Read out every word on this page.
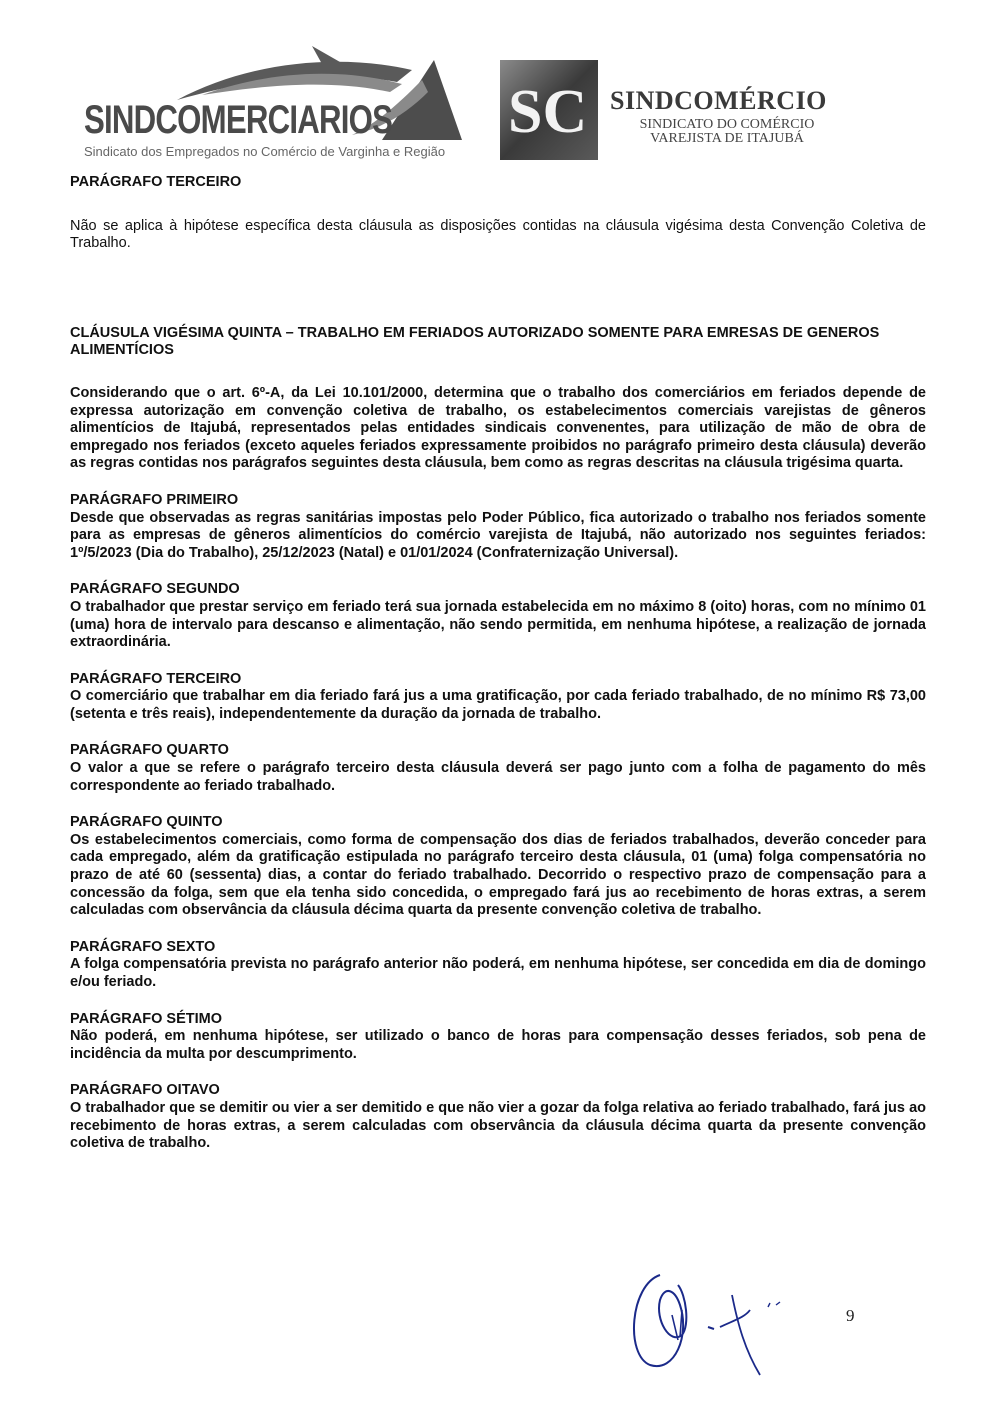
SINDCOMERCIARIOS
Sindicato dos Empregados no Comércio de Varginha e Região
SC SINDCOMÉRCIO
SINDICATO DO COMÉRCIO
VAREJISTA DE ITAJUBÁ

PARÁGRAFO TERCEIRO

Não se aplica à hipótese específica desta cláusula as disposições contidas na cláusula vigésima desta Convenção Coletiva de Trabalho.

CLÁUSULA VIGÉSIMA QUINTA – TRABALHO EM FERIADOS AUTORIZADO SOMENTE PARA EMRESAS DE GENEROS ALIMENTÍCIOS

Considerando que o art. 6º-A, da Lei 10.101/2000, determina que o trabalho dos comerciários em feriados depende de expressa autorização em convenção coletiva de trabalho, os estabelecimentos comerciais varejistas de gêneros alimentícios de Itajubá, representados pelas entidades sindicais convenentes, para utilização de mão de obra de empregado nos feriados (exceto aqueles feriados expressamente proibidos no parágrafo primeiro desta cláusula) deverão as regras contidas nos parágrafos seguintes desta cláusula, bem como as regras descritas na cláusula trigésima quarta.

PARÁGRAFO PRIMEIRO

Desde que observadas as regras sanitárias impostas pelo Poder Público, fica autorizado o trabalho nos feriados somente para as empresas de gêneros alimentícios do comércio varejista de Itajubá, não autorizado nos seguintes feriados: 1º/5/2023 (Dia do Trabalho), 25/12/2023 (Natal) e 01/01/2024 (Confraternização Universal).

PARÁGRAFO SEGUNDO

O trabalhador que prestar serviço em feriado terá sua jornada estabelecida em no máximo 8 (oito) horas, com no mínimo 01 (uma) hora de intervalo para descanso e alimentação, não sendo permitida, em nenhuma hipótese, a realização de jornada extraordinária.

PARÁGRAFO TERCEIRO

O comerciário que trabalhar em dia feriado fará jus a uma gratificação, por cada feriado trabalhado, de no mínimo R$ 73,00 (setenta e três reais), independentemente da duração da jornada de trabalho.

PARÁGRAFO QUARTO

O valor a que se refere o parágrafo terceiro desta cláusula deverá ser pago junto com a folha de pagamento do mês correspondente ao feriado trabalhado.

PARÁGRAFO QUINTO

Os estabelecimentos comerciais, como forma de compensação dos dias de feriados trabalhados, deverão conceder para cada empregado, além da gratificação estipulada no parágrafo terceiro desta cláusula, 01 (uma) folga compensatória no prazo de até 60 (sessenta) dias, a contar do feriado trabalhado. Decorrido o respectivo prazo de compensação para a concessão da folga, sem que ela tenha sido concedida, o empregado fará jus ao recebimento de horas extras, a serem calculadas com observância da cláusula décima quarta da presente convenção coletiva de trabalho.

PARÁGRAFO SEXTO

A folga compensatória prevista no parágrafo anterior não poderá, em nenhuma hipótese, ser concedida em dia de domingo e/ou feriado.

PARÁGRAFO SÉTIMO

Não poderá, em nenhuma hipótese, ser utilizado o banco de horas para compensação desses feriados, sob pena de incidência da multa por descumprimento.

PARÁGRAFO OITAVO

O trabalhador que se demitir ou vier a ser demitido e que não vier a gozar da folga relativa ao feriado trabalhado, fará jus ao recebimento de horas extras, a serem calculadas com observância da cláusula décima quarta da presente convenção coletiva de trabalho.

9
